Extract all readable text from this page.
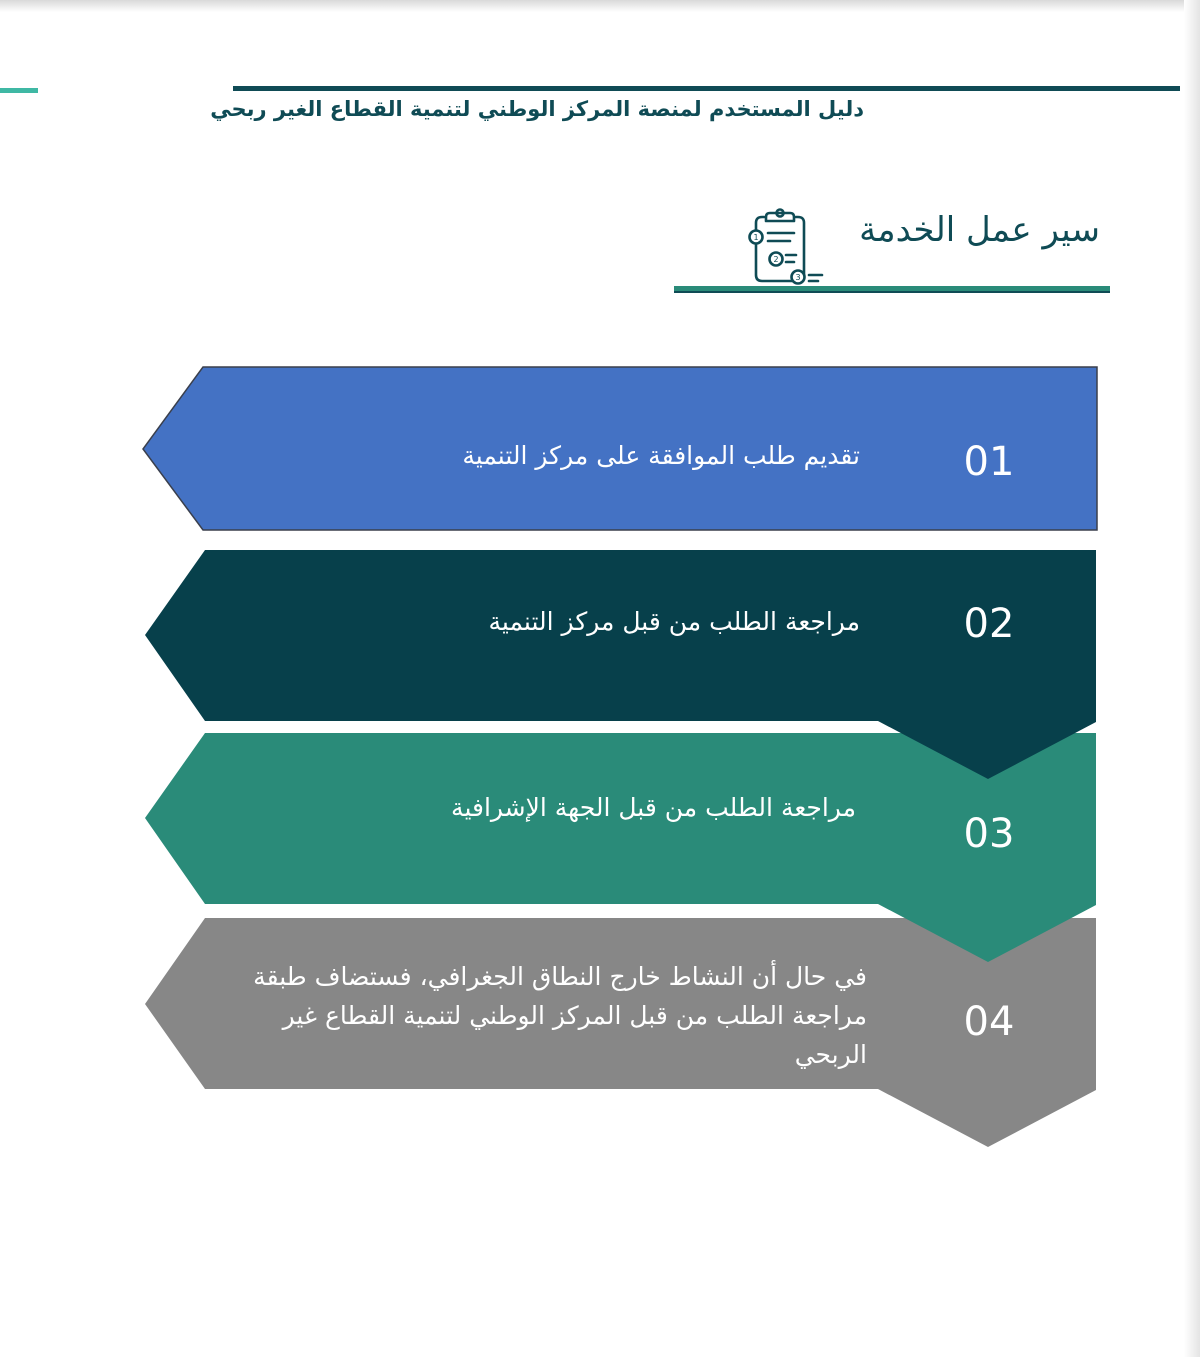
دليل المستخدم لمنصة المركز الوطني لتنمية القطاع الغير ربحي
سير عمل الخدمة
1
2
3
01
تقديم طلب الموافقة على مركز التنمية
02
مراجعة الطلب من قبل مركز التنمية
03
مراجعة الطلب من قبل الجهة الإشرافية
04
في حال أن النشاط خارج النطاق الجغرافي، فستضاف طبقة مراجعة الطلب من قبل المركز الوطني لتنمية القطاع غير الربحي
